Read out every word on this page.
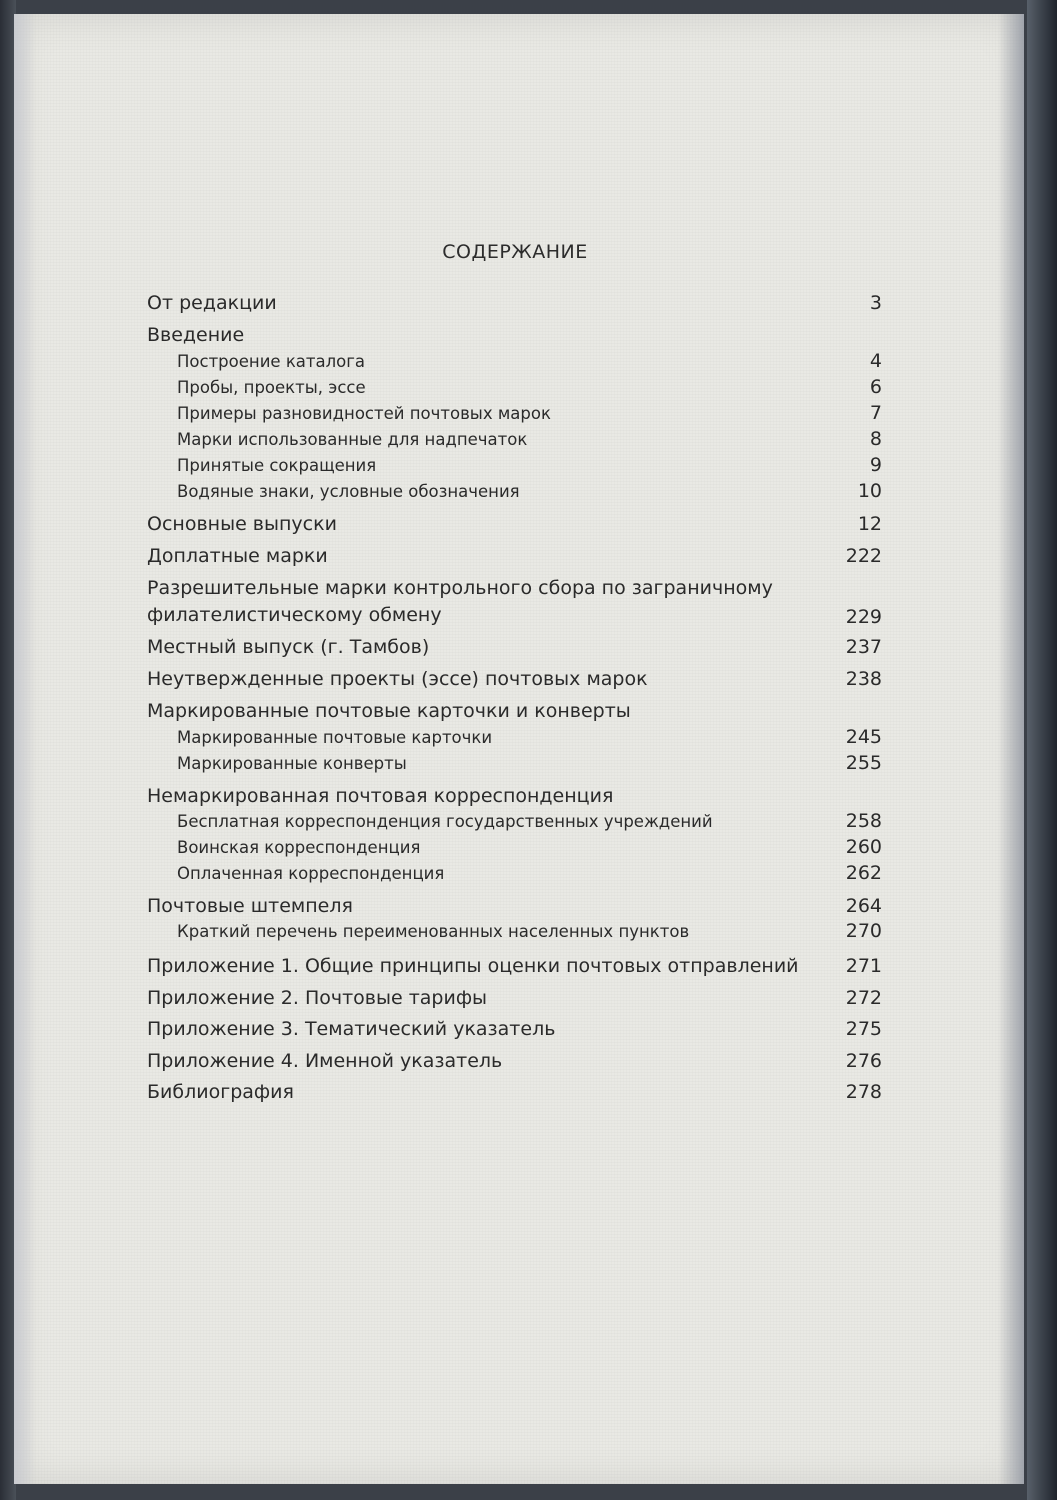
СОДЕРЖАНИЕ
От редакции	3
Введение
Построение каталога	4
Пробы, проекты, эссе	6
Примеры разновидностей почтовых марок	7
Марки использованные для надпечаток	8
Принятые сокращения	9
Водяные знаки, условные обозначения	10
Основные выпуски	12
Доплатные марки	222
Разрешительные марки контрольного сбора по заграничному
филателистическому обмену	229
Местный выпуск (г. Тамбов)	237
Неутвержденные проекты (эссе) почтовых марок	238
Маркированные почтовые карточки и конверты
Маркированные почтовые карточки	245
Маркированные конверты	255
Немаркированная почтовая корреспонденция
Бесплатная корреспонденция государственных учреждений	258
Воинская корреспонденция	260
Оплаченная корреспонденция	262
Почтовые штемпеля	264
Краткий перечень переименованных населенных пунктов	270
Приложение 1. Общие принципы оценки почтовых отправлений 271
Приложение 2. Почтовые тарифы	272
Приложение 3. Тематический указатель	275
Приложение 4. Именной указатель	276
Библиография	278
